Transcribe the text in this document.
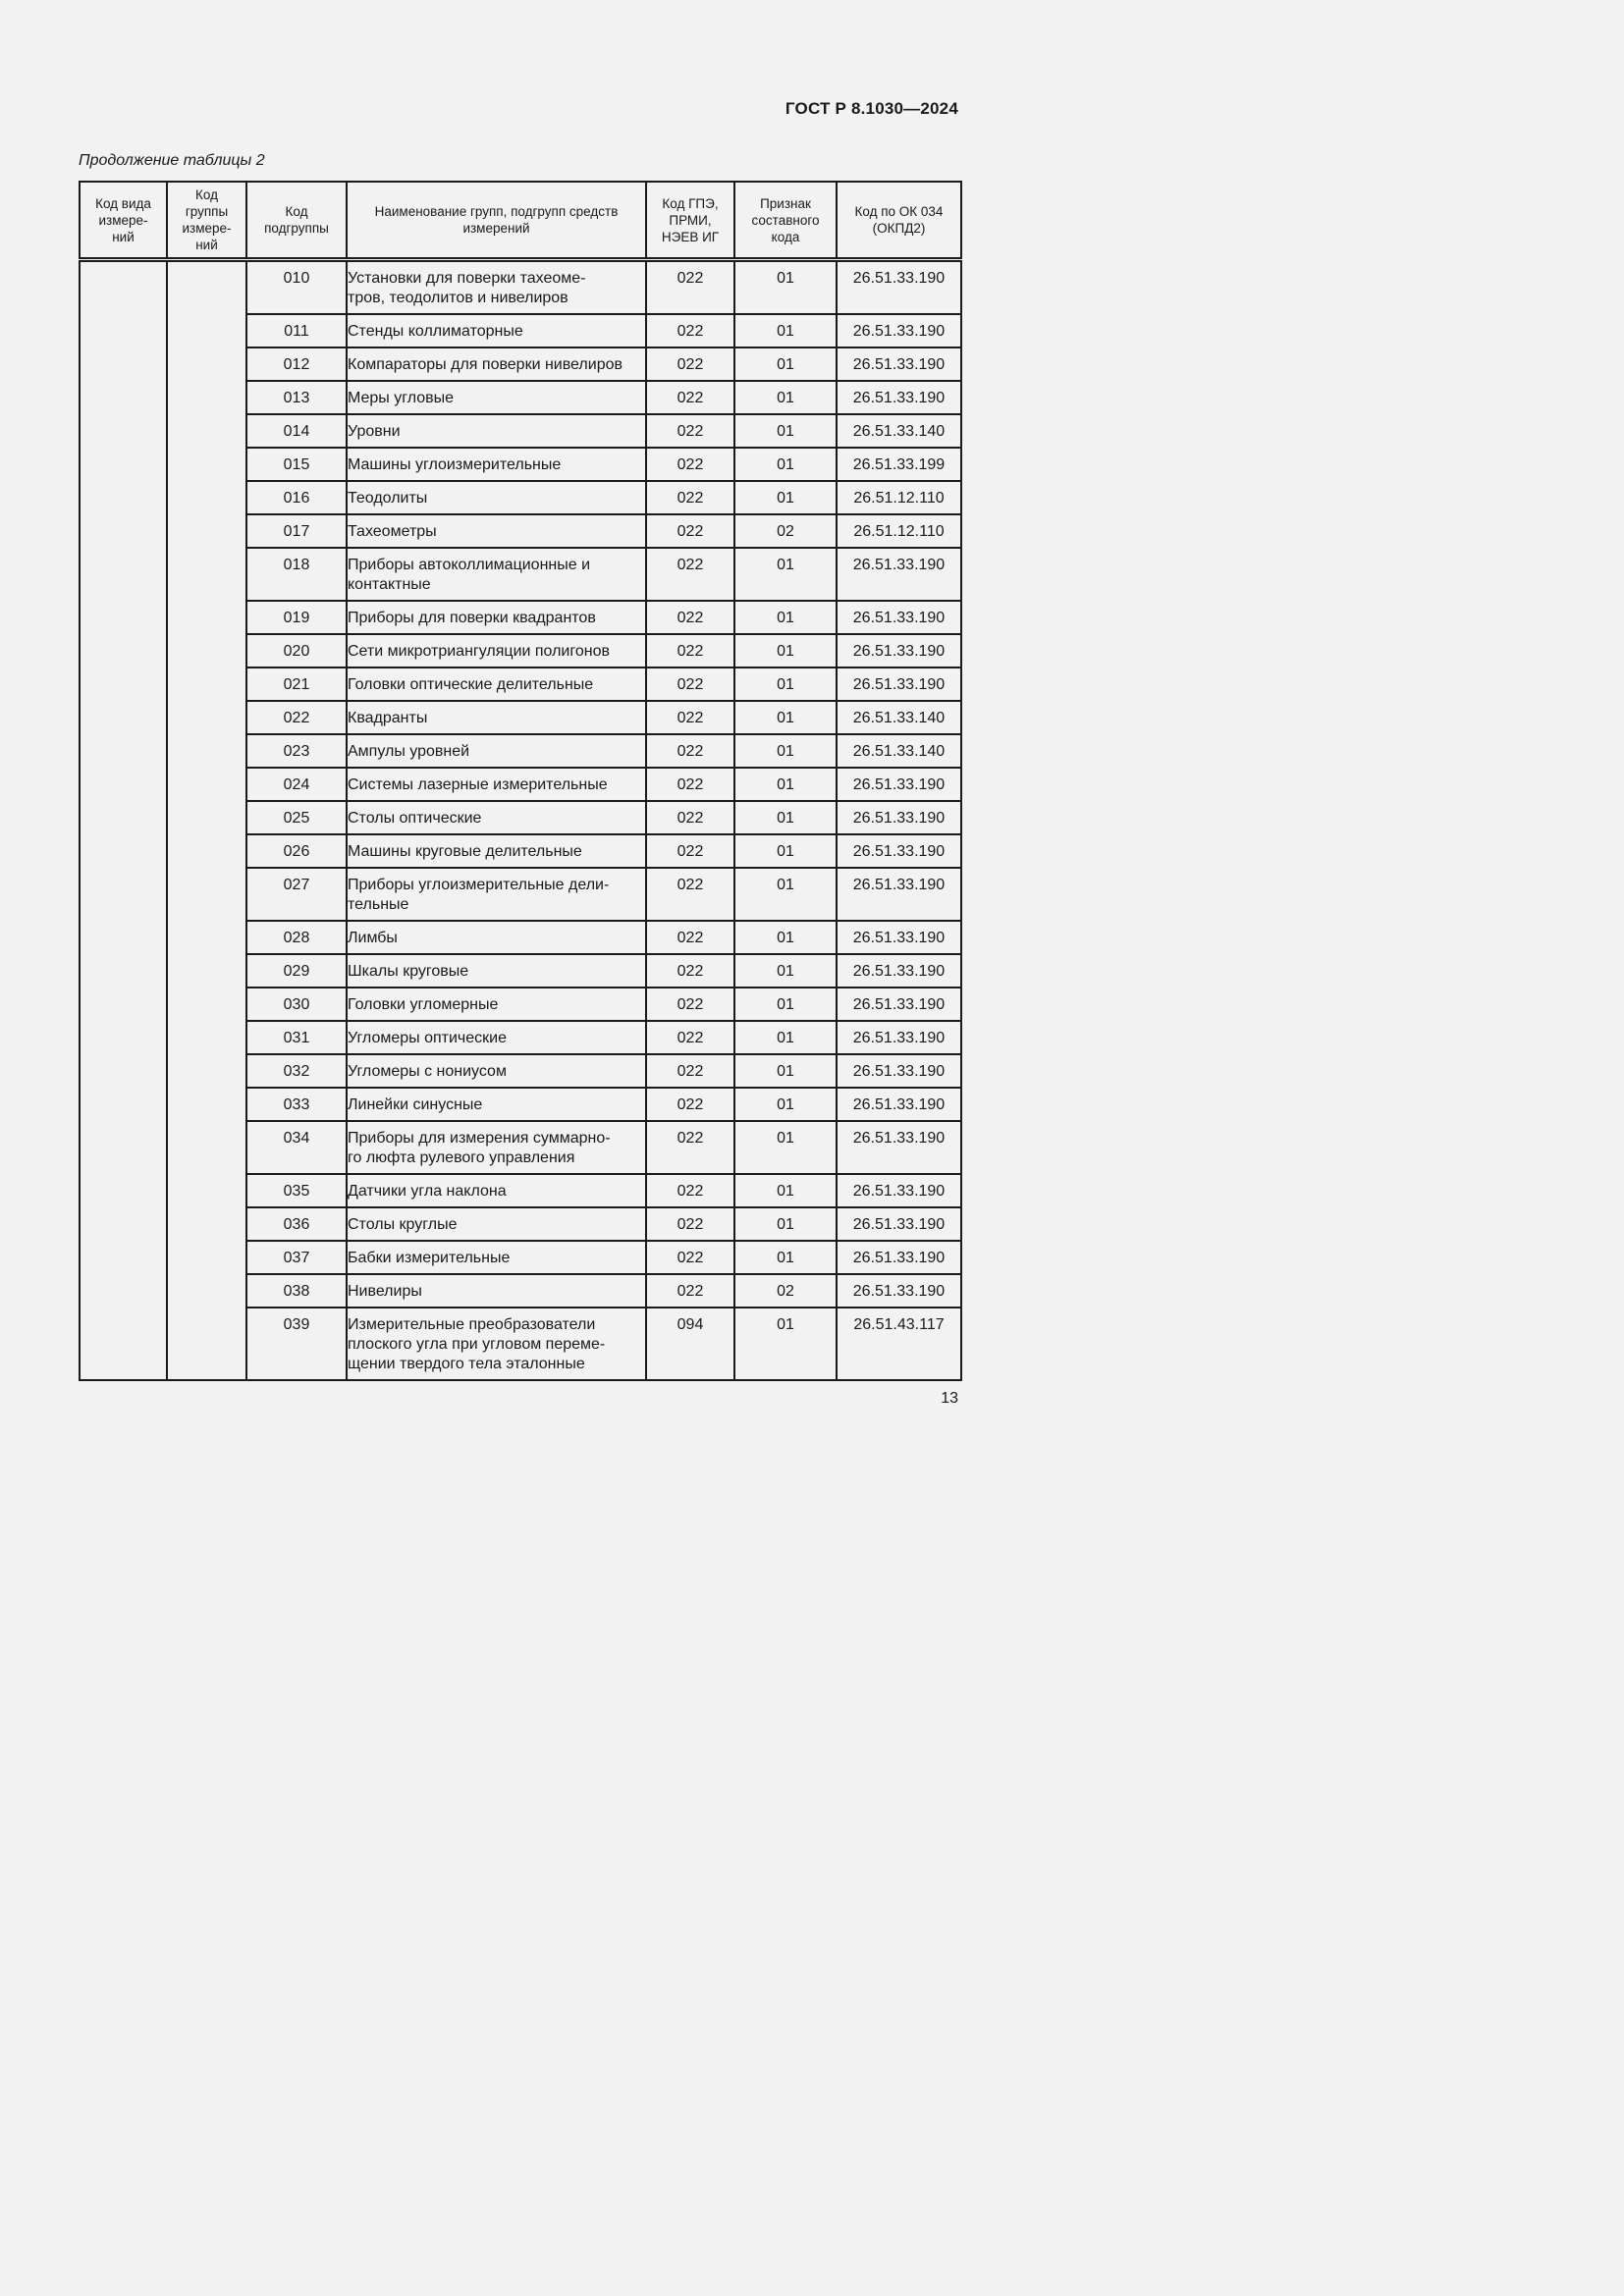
ГОСТ Р 8.1030—2024
Продолжение таблицы 2
Код вида
измере-
ний	Код
группы
измере-
ний	Код
подгруппы	Наименование групп, подгрупп средств
измерений	Код ГПЭ,
ПРМИ,
НЭЕВ ИГ	Признак
составного
кода	Код по ОК 034
(ОКПД2)
		010	Установки для поверки тахеоме-
тров, теодолитов и нивелиров	022	01	26.51.33.190
		011	Стенды коллиматорные	022	01	26.51.33.190
		012	Компараторы для поверки нивелиров	022	01	26.51.33.190
		013	Меры угловые	022	01	26.51.33.190
		014	Уровни	022	01	26.51.33.140
		015	Машины углоизмерительные	022	01	26.51.33.199
		016	Теодолиты	022	01	26.51.12.110
		017	Тахеометры	022	02	26.51.12.110
		018	Приборы автоколлимационные и
контактные	022	01	26.51.33.190
		019	Приборы для поверки квадрантов	022	01	26.51.33.190
		020	Сети микротриангуляции полигонов	022	01	26.51.33.190
		021	Головки оптические делительные	022	01	26.51.33.190
		022	Квадранты	022	01	26.51.33.140
		023	Ампулы уровней	022	01	26.51.33.140
		024	Системы лазерные измерительные	022	01	26.51.33.190
		025	Столы оптические	022	01	26.51.33.190
		026	Машины круговые делительные	022	01	26.51.33.190
		027	Приборы углоизмерительные дели-
тельные	022	01	26.51.33.190
		028	Лимбы	022	01	26.51.33.190
		029	Шкалы круговые	022	01	26.51.33.190
		030	Головки угломерные	022	01	26.51.33.190
		031	Угломеры оптические	022	01	26.51.33.190
		032	Угломеры с нониусом	022	01	26.51.33.190
		033	Линейки синусные	022	01	26.51.33.190
		034	Приборы для измерения суммарно-
го люфта рулевого управления	022	01	26.51.33.190
		035	Датчики угла наклона	022	01	26.51.33.190
		036	Столы круглые	022	01	26.51.33.190
		037	Бабки измерительные	022	01	26.51.33.190
		038	Нивелиры	022	02	26.51.33.190
		039	Измерительные преобразователи
плоского угла при угловом переме-
щении твердого тела эталонные	094	01	26.51.43.117
13
